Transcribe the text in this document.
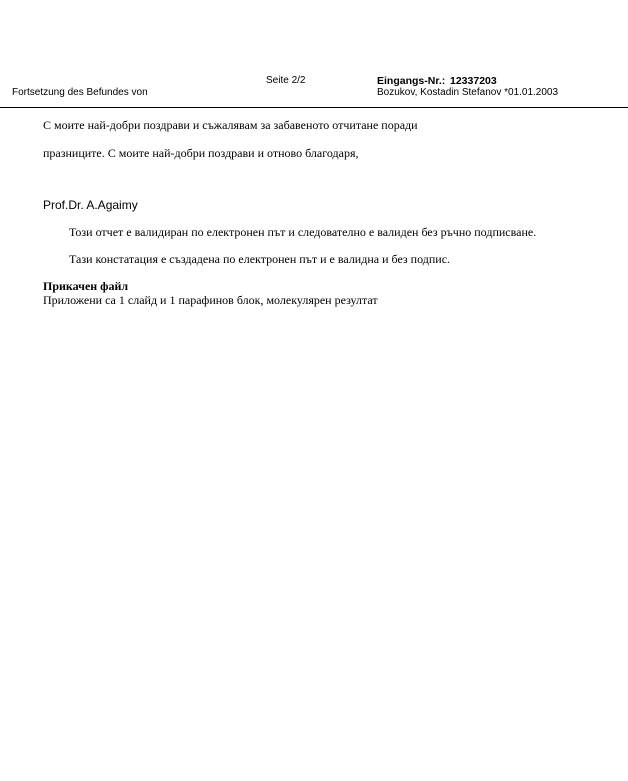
Seite 2/2
Fortsetzung des Befundes von
Eingangs-Nr.: 12337203
Bozukov, Kostadin Stefanov *01.01.2003
С моите най-добри поздрави и съжалявам за забавеното отчитане поради
празниците. С моите най-добри поздрави и отново благодаря,
Prof.Dr. A.Agaimy
Този отчет е валидиран по електронен път и следователно е валиден без ръчно подписване.
Тази констатация е създадена по електронен път и е валидна и без подпис.
Прикачен файл
Приложени са 1 слайд и 1 парафинов блок, молекулярен резултат
